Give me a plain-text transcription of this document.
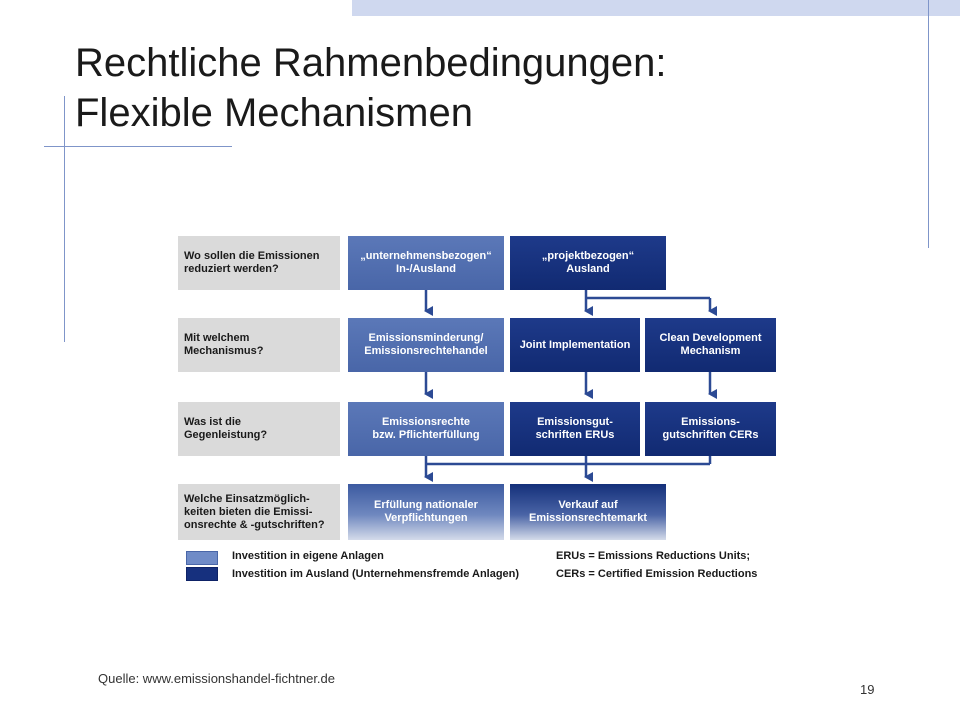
Rechtliche Rahmenbedingungen:
Flexible Mechanismen
Wo sollen die Emissionen
reduziert werden?
Mit welchem
Mechanismus?
Was ist die
Gegenleistung?
Welche Einsatzmöglich-
keiten bieten die Emissi-
onsrechte & -gutschriften?
„unternehmensbezogen“
In-/Ausland
„projektbezogen“
Ausland
Emissionsminderung/
Emissionsrechtehandel
Joint Implementation
Clean Development
Mechanism
Emissionsrechte
bzw. Pflichterfüllung
Emissionsgut-
schriften ERUs
Emissions-
gutschriften CERs
Erfüllung nationaler
Verpflichtungen
Verkauf auf
Emissionsrechtemarkt
Investition in eigene Anlagen
Investition im Ausland (Unternehmensfremde Anlagen)
ERUs = Emissions Reductions Units;
CERs = Certified Emission Reductions
Quelle: www.emissionshandel-fichtner.de
19
